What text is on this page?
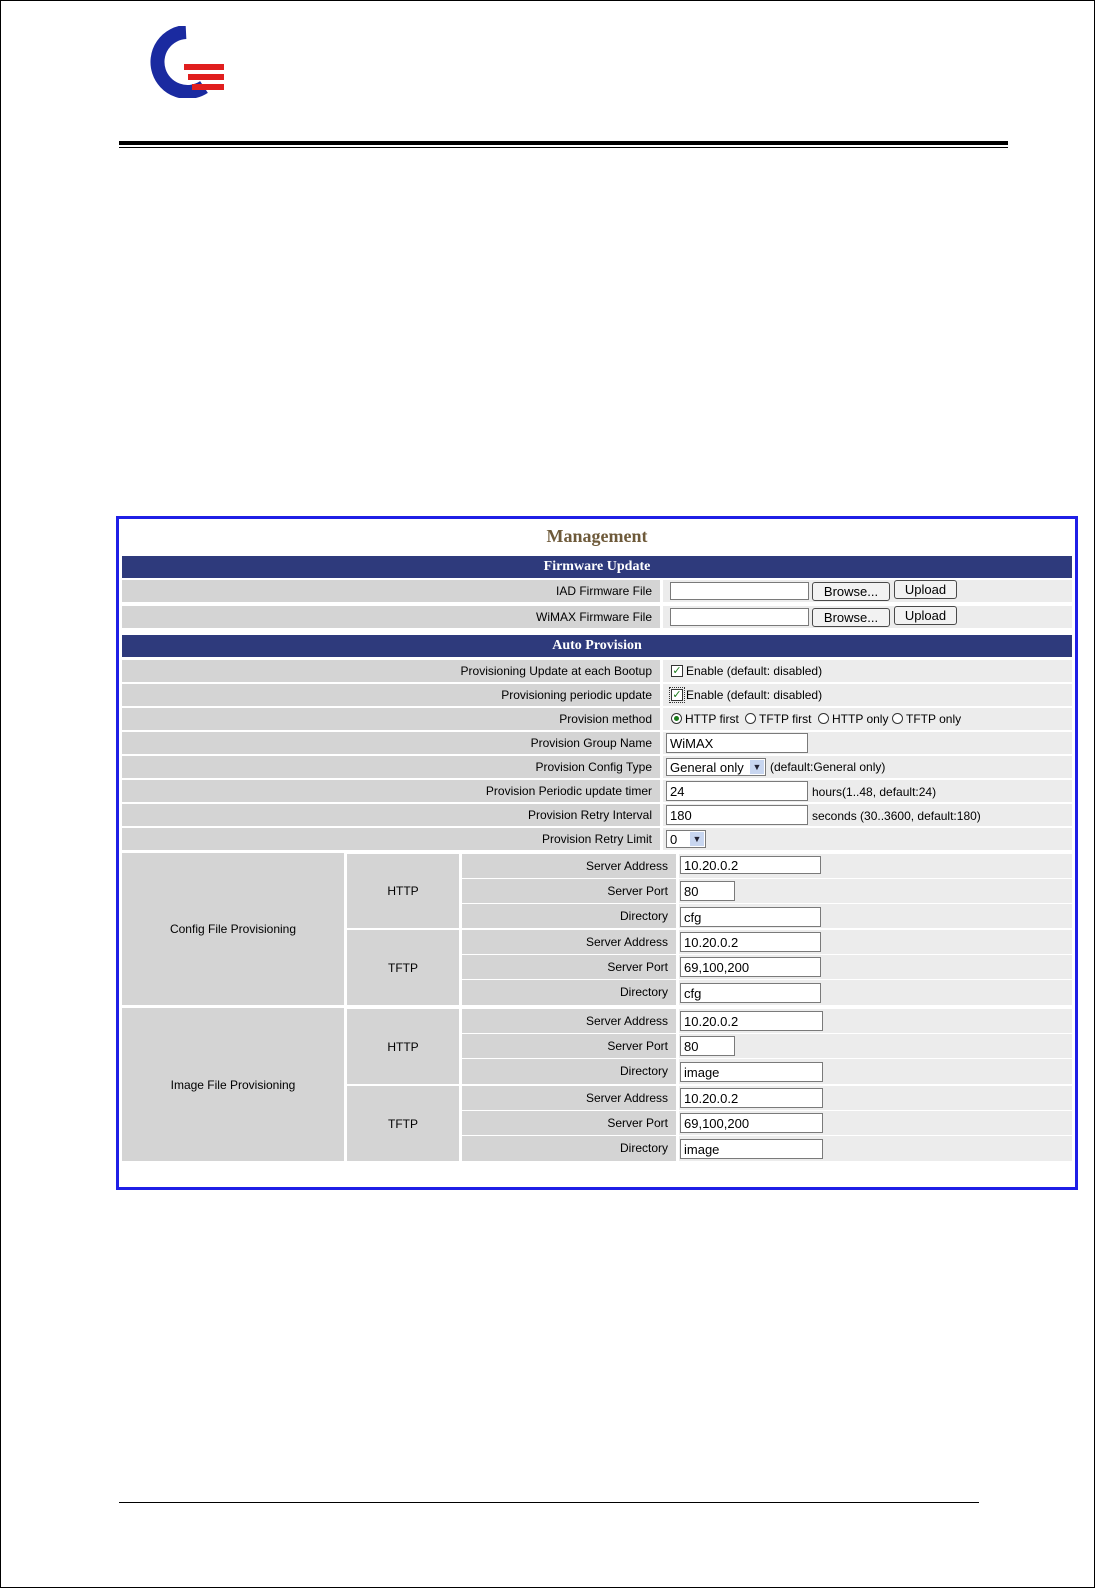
Management
Firmware Update
IAD Firmware File	Browse...	Upload
WiMAX Firmware File	Browse...	Upload
Auto Provision
Provisioning Update at each Bootup	✓ Enable (default: disabled)
Provisioning periodic update	✓ Enable (default: disabled)
Provision method	HTTP first TFTP first HTTP only TFTP only
Provision Group Name	WiMAX
Provision Config Type	General only ▼ (default:General only)
Provision Periodic update timer	24	hours(1..48, default:24)
Provision Retry Interval	180	seconds (30..3600, default:180)
Provision Retry Limit	0 ▼
Config File Provisioning
HTTP
Server Address	10.20.0.2
Server Port	80
Directory	cfg
TFTP
Server Address	10.20.0.2
Server Port	69,100,200
Directory	cfg
Image File Provisioning
HTTP
Server Address	10.20.0.2
Server Port	80
Directory	image
TFTP
Server Address	10.20.0.2
Server Port	69,100,200
Directory	image
